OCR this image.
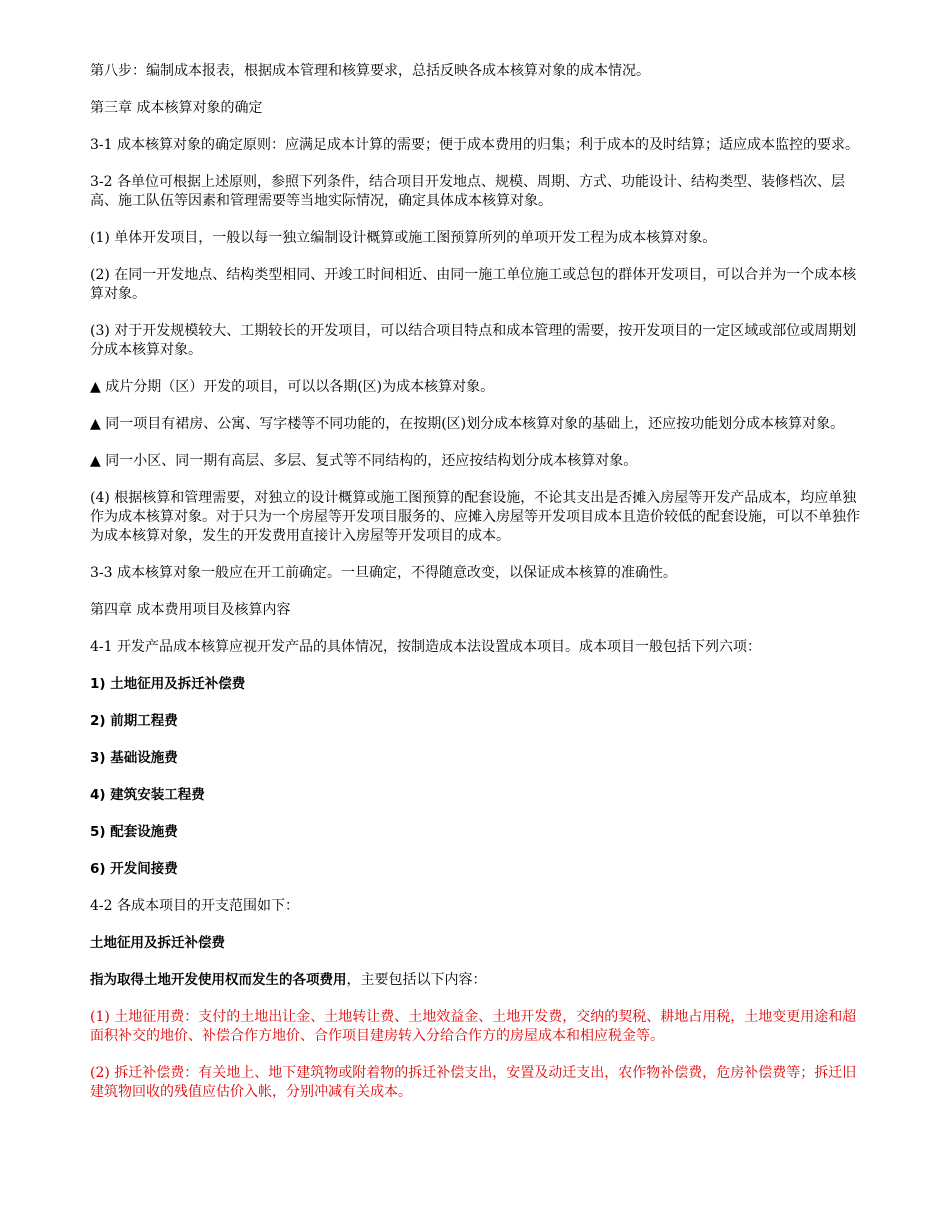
第八步：编制成本报表，根据成本管理和核算要求，总括反映各成本核算对象的成本情况。

第三章 成本核算对象的确定

3-1 成本核算对象的确定原则：应满足成本计算的需要；便于成本费用的归集；利于成本的及时结算；适应成本监控的要求。

3-2 各单位可根据上述原则，参照下列条件，结合项目开发地点、规模、周期、方式、功能设计、结构类型、装修档次、层高、施工队伍等因素和管理需要等当地实际情况，确定具体成本核算对象。

(1) 单体开发项目，一般以每一独立编制设计概算或施工图预算所列的单项开发工程为成本核算对象。

(2) 在同一开发地点、结构类型相同、开竣工时间相近、由同一施工单位施工或总包的群体开发项目，可以合并为一个成本核算对象。

(3) 对于开发规模较大、工期较长的开发项目，可以结合项目特点和成本管理的需要，按开发项目的一定区域或部位或周期划分成本核算对象。

▲ 成片分期（区）开发的项目，可以以各期(区)为成本核算对象。

▲ 同一项目有裙房、公寓、写字楼等不同功能的，在按期(区)划分成本核算对象的基础上，还应按功能划分成本核算对象。

▲ 同一小区、同一期有高层、多层、复式等不同结构的，还应按结构划分成本核算对象。

(4) 根据核算和管理需要，对独立的设计概算或施工图预算的配套设施，不论其支出是否摊入房屋等开发产品成本，均应单独作为成本核算对象。对于只为一个房屋等开发项目服务的、应摊入房屋等开发项目成本且造价较低的配套设施，可以不单独作为成本核算对象，发生的开发费用直接计入房屋等开发项目的成本。

3-3 成本核算对象一般应在开工前确定。一旦确定，不得随意改变，以保证成本核算的准确性。

第四章 成本费用项目及核算内容

4-1 开发产品成本核算应视开发产品的具体情况，按制造成本法设置成本项目。成本项目一般包括下列六项：

1) 土地征用及拆迁补偿费

2) 前期工程费

3) 基础设施费

4) 建筑安装工程费

5) 配套设施费

6) 开发间接费

4-2 各成本项目的开支范围如下：

土地征用及拆迁补偿费

指为取得土地开发使用权而发生的各项费用，主要包括以下内容：

(1) 土地征用费：支付的土地出让金、土地转让费、土地效益金、土地开发费，交纳的契税、耕地占用税，土地变更用途和超面积补交的地价、补偿合作方地价、合作项目建房转入分给合作方的房屋成本和相应税金等。

(2) 拆迁补偿费：有关地上、地下建筑物或附着物的拆迁补偿支出，安置及动迁支出，农作物补偿费，危房补偿费等；拆迁旧建筑物回收的残值应估价入帐，分别冲减有关成本。
